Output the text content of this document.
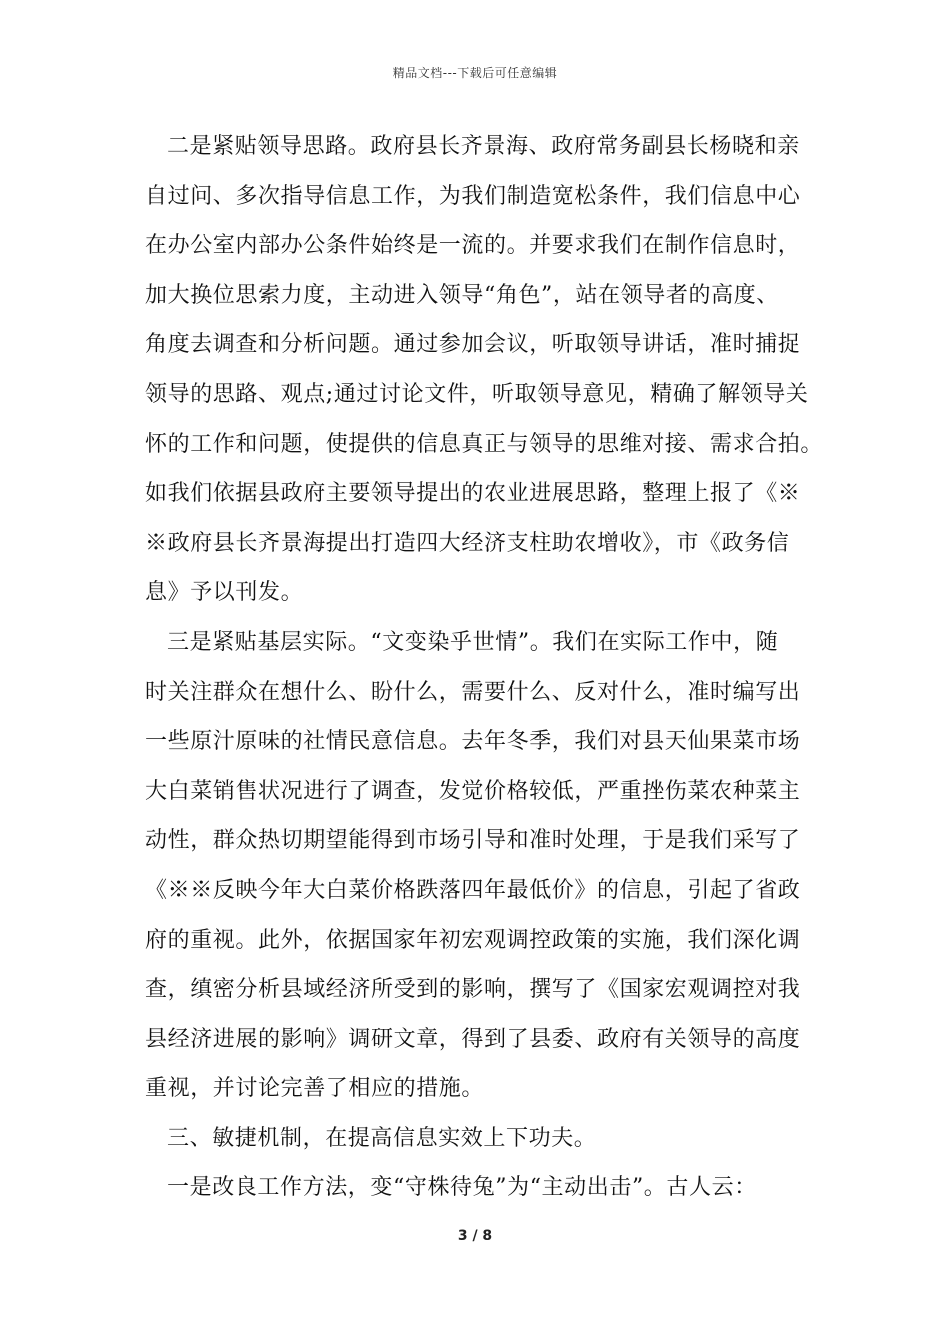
精品文档---下载后可任意编辑
二是紧贴领导思路。政府县长齐景海、政府常务副县长杨晓和亲
自过问、多次指导信息工作，为我们制造宽松条件，我们信息中心
在办公室内部办公条件始终是一流的。并要求我们在制作信息时，
加大换位思索力度，主动进入领导“角色”，站在领导者的高度、
角度去调查和分析问题。通过参加会议，听取领导讲话，准时捕捉
领导的思路、观点;通过讨论文件，听取领导意见，精确了解领导关
怀的工作和问题，使提供的信息真正与领导的思维对接、需求合拍。
如我们依据县政府主要领导提出的农业进展思路，整理上报了《※
※政府县长齐景海提出打造四大经济支柱助农增收》，市《政务信
息》予以刊发。
三是紧贴基层实际。“文变染乎世情”。我们在实际工作中，随
时关注群众在想什么、盼什么，需要什么、反对什么，准时编写出
一些原汁原味的社情民意信息。去年冬季，我们对县天仙果菜市场
大白菜销售状况进行了调查，发觉价格较低，严重挫伤菜农种菜主
动性，群众热切期望能得到市场引导和准时处理，于是我们采写了
《※※反映今年大白菜价格跌落四年最低价》的信息，引起了省政
府的重视。此外，依据国家年初宏观调控政策的实施，我们深化调
查，缜密分析县域经济所受到的影响，撰写了《国家宏观调控对我
县经济进展的影响》调研文章，得到了县委、政府有关领导的高度
重视，并讨论完善了相应的措施。
三、敏捷机制，在提高信息实效上下功夫。
一是改良工作方法，变“守株待兔”为“主动出击”。古人云：
3 / 8
